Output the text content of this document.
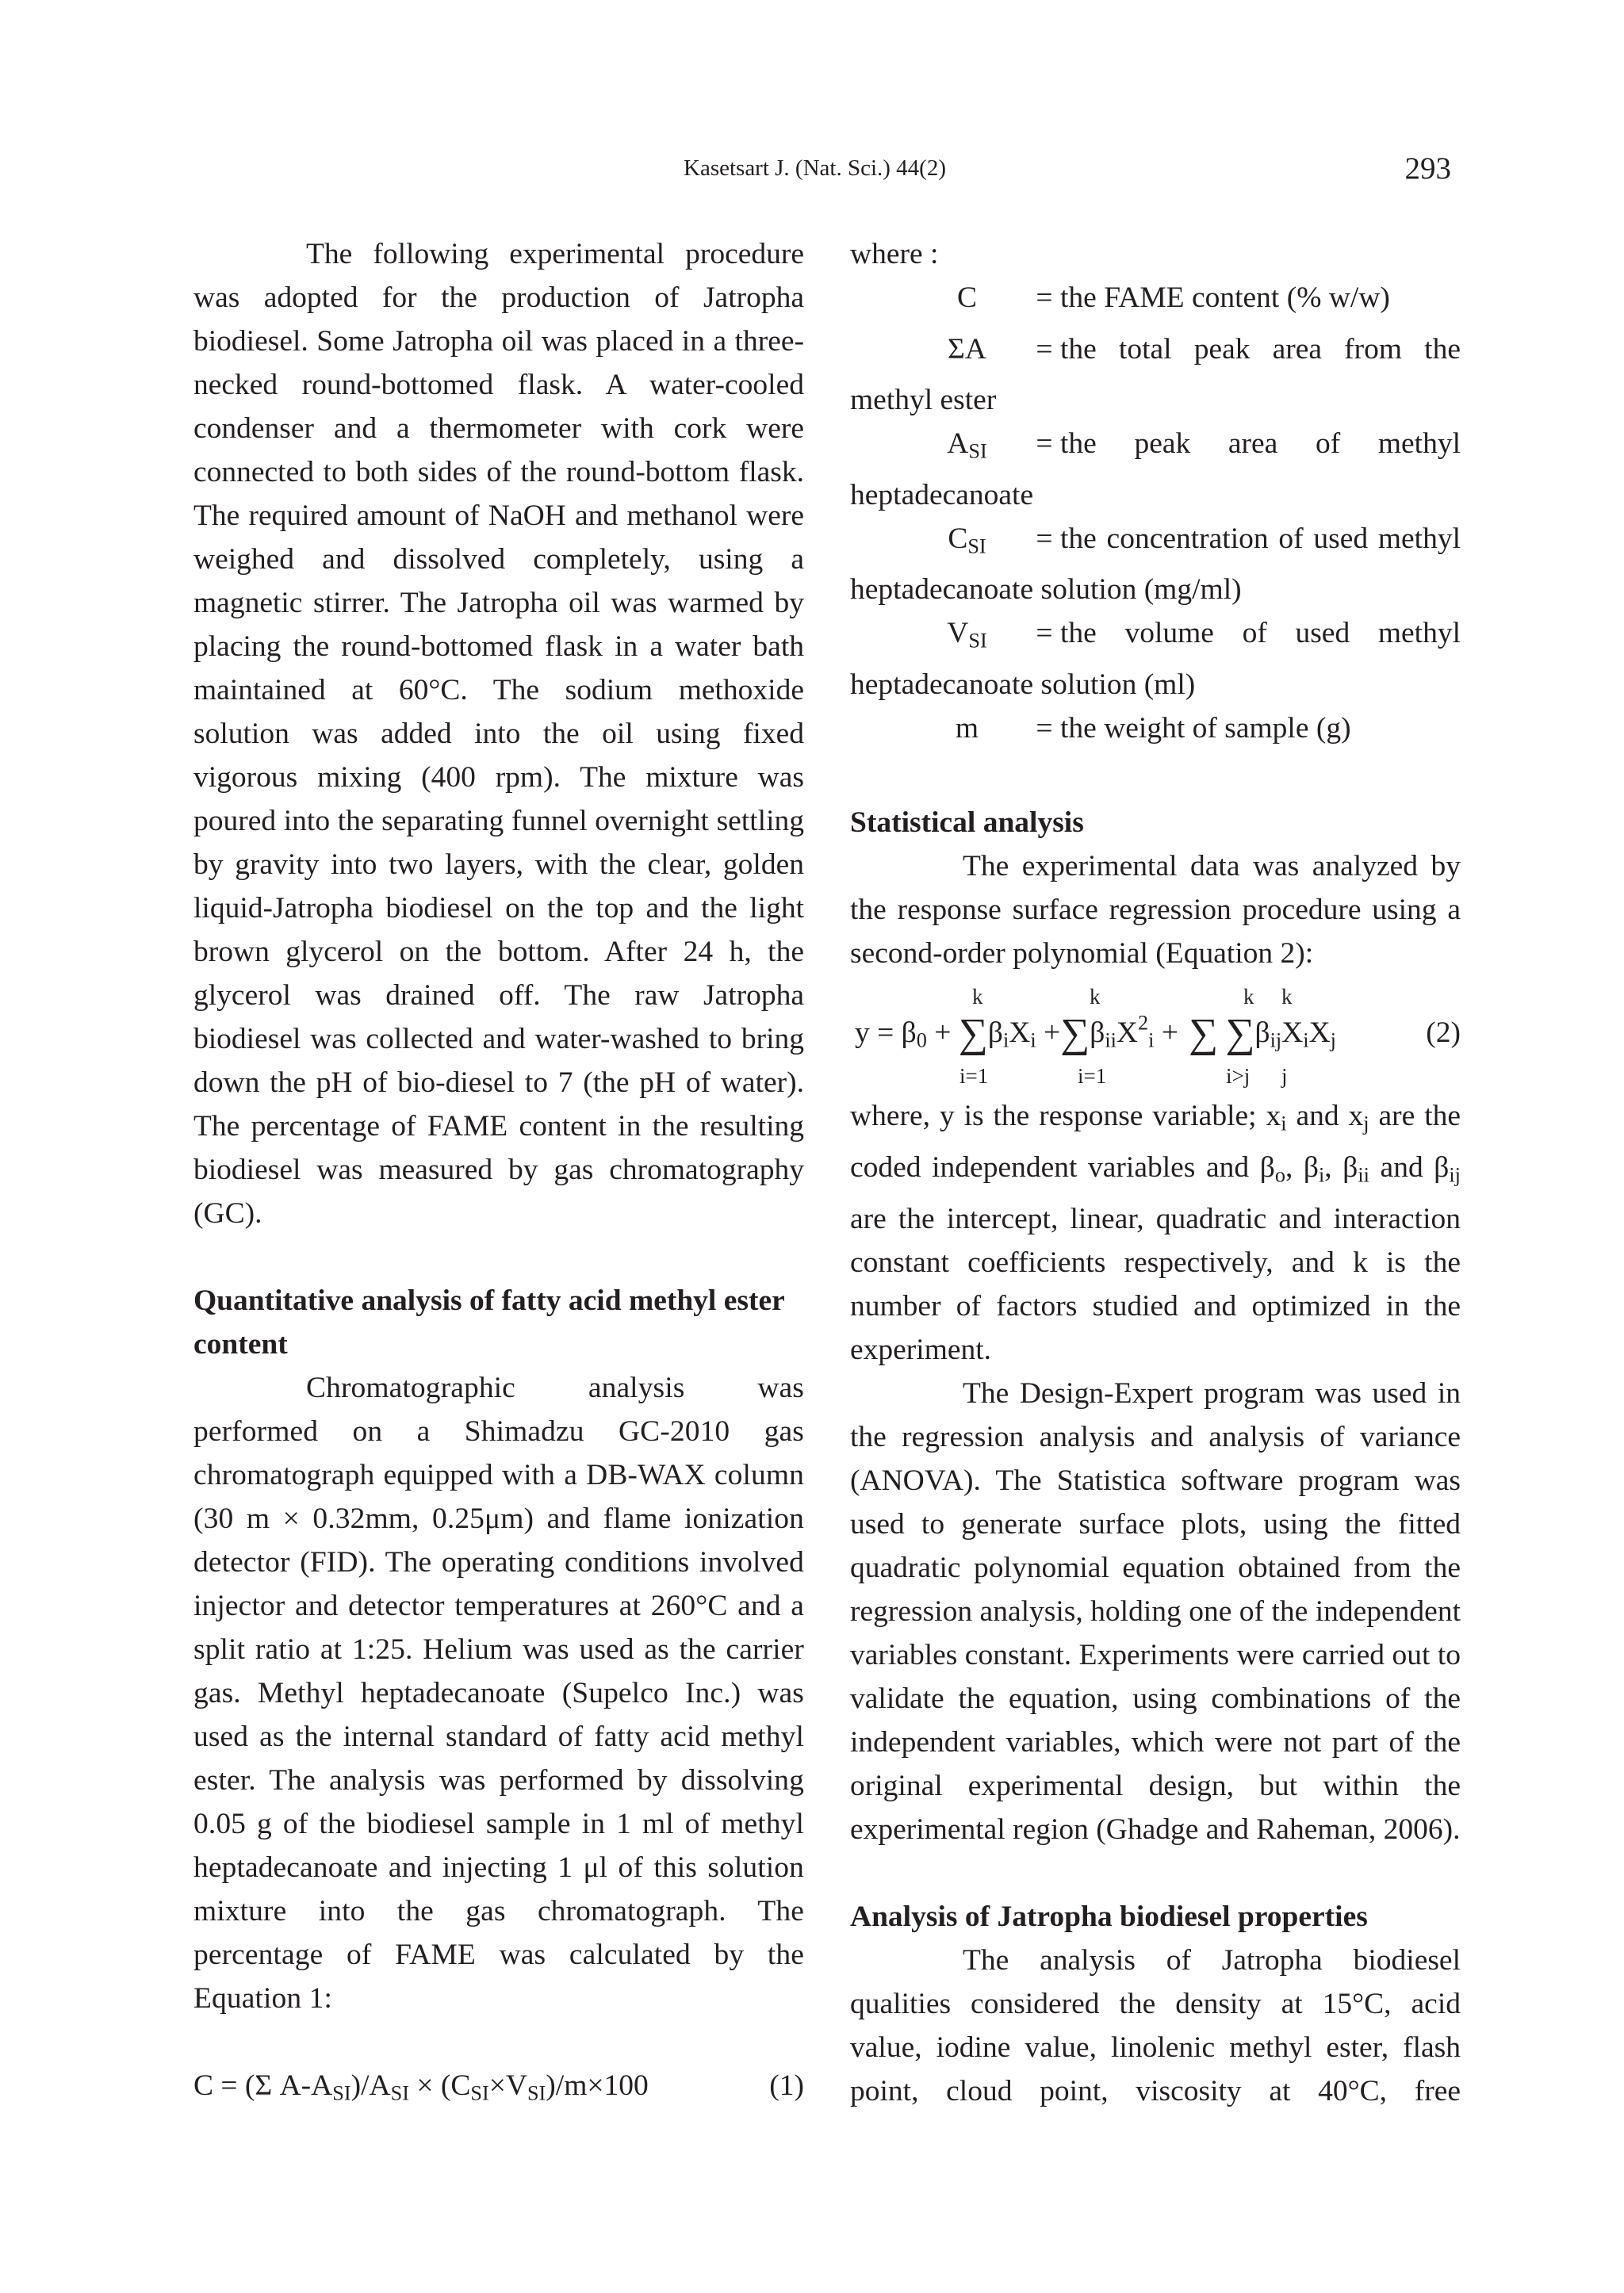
Kasetsart J. (Nat. Sci.) 44(2)	293

The following experimental procedure was adopted for the production of Jatropha biodiesel. Some Jatropha oil was placed in a three-necked round-bottomed flask. A water-cooled condenser and a thermometer with cork were connected to both sides of the round-bottom flask. The required amount of NaOH and methanol were weighed and dissolved completely, using a magnetic stirrer. The Jatropha oil was warmed by placing the round-bottomed flask in a water bath maintained at 60°C. The sodium methoxide solution was added into the oil using fixed vigorous mixing (400 rpm). The mixture was poured into the separating funnel overnight settling by gravity into two layers, with the clear, golden liquid-Jatropha biodiesel on the top and the light brown glycerol on the bottom. After 24 h, the glycerol was drained off. The raw Jatropha biodiesel was collected and water-washed to bring down the pH of bio-diesel to 7 (the pH of water). The percentage of FAME content in the resulting biodiesel was measured by gas chromatography (GC).

Quantitative analysis of fatty acid methyl ester content

Chromatographic analysis was performed on a Shimadzu GC-2010 gas chromatograph equipped with a DB-WAX column (30 m × 0.32mm, 0.25μm) and flame ionization detector (FID). The operating conditions involved injector and detector temperatures at 260°C and a split ratio at 1:25. Helium was used as the carrier gas. Methyl heptadecanoate (Supelco Inc.) was used as the internal standard of fatty acid methyl ester. The analysis was performed by dissolving 0.05 g of the biodiesel sample in 1 ml of methyl heptadecanoate and injecting 1 μl of this solution mixture into the gas chromatograph. The percentage of FAME was calculated by the Equation 1:

C = (Σ $A-A_{SI})/A_{SI} \times (C_{SI}\times V_{SI})/m\times 100$	(1)

where :

C	= the FAME content (% w/w)
ΣA	= the total peak area from the

methyl ester

$A_{SI}$	= the peak area of methyl

heptadecanoate

$C_{SI}$	= the concentration of used methyl

heptadecanoate solution (mg/ml)

$V_{SI}$	= the volume of used methyl

heptadecanoate solution (ml)

m	= the weight of sample (g)
Statistical analysis

The experimental data was analyzed by the response surface regression procedure using a second-order polynomial (Equation 2):

k	k	k k
$y = \beta_0 + \sum\beta_iX_i +\sum\beta_{ii}X^2_i$ + ∑ $\sum\beta_{ij}X_iX_j$
i=1	i=1	i>j j
(2)

where, y is the response variable; $x_i$ and $x_j$ are the coded independent variables and $\beta_o$, $\beta_i$, $\beta_{ii}$ and $\beta_{ij}$ are the intercept, linear, quadratic and interaction constant coefficients respectively, and k is the number of factors studied and optimized in the experiment.

The Design-Expert program was used in the regression analysis and analysis of variance (ANOVA). The Statistica software program was used to generate surface plots, using the fitted quadratic polynomial equation obtained from the regression analysis, holding one of the independent variables constant. Experiments were carried out to validate the equation, using combinations of the independent variables, which were not part of the original experimental design, but within the experimental region (Ghadge and Raheman, 2006).

Analysis of Jatropha biodiesel properties

The analysis of Jatropha biodiesel qualities considered the density at 15°C, acid value, iodine value, linolenic methyl ester, flash point, cloud point, viscosity at 40°C, free
